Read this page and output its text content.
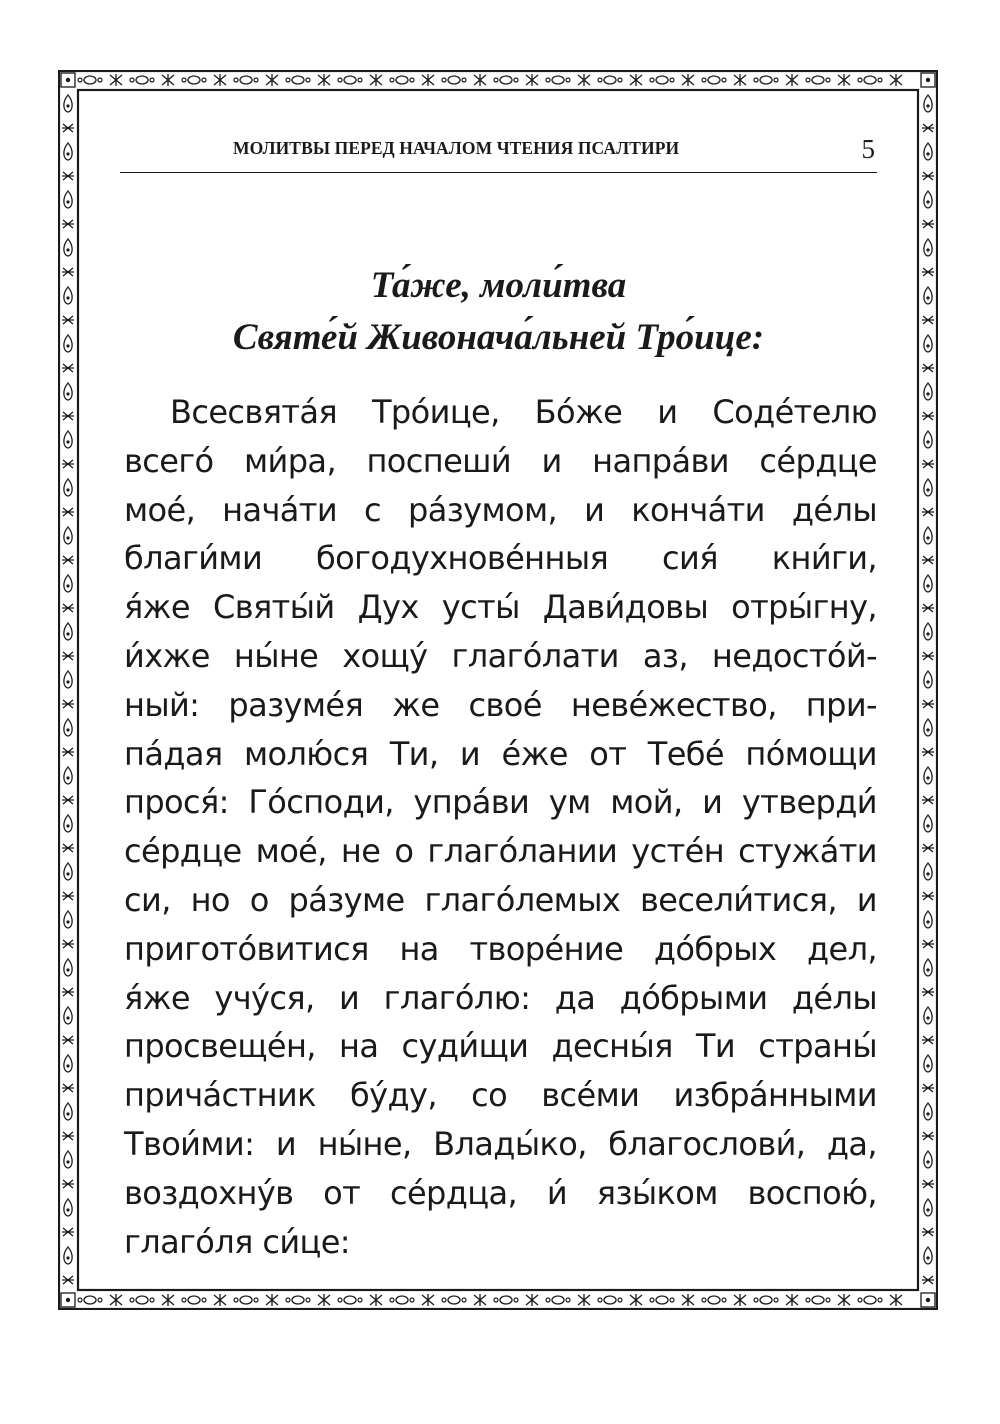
МОЛИТВЫ ПЕРЕД НАЧАЛОМ ЧТЕНИЯ ПСАЛТИРИ	5
Та́же, моли́тва
Святе́й Живонача́льней Тро́ице:
Всесвята́я Тро́ице, Бо́же и Соде́телю
всего́ ми́ра, поспеши́ и напра́ви се́рдце
мое́, нача́ти с ра́зумом, и конча́ти де́лы
благи́ми богодухнове́нныя сия́ кни́ги,
я́же Святы́й Дух усты́ Дави́довы отры́гну,
и́хже ны́не хощу́ глаго́лати аз, недосто́й-
ный: разуме́я же свое́ неве́жество, при-
па́дая молю́ся Ти, и е́же от Тебе́ по́мощи
прося́: Го́споди, упра́ви ум мой, и утверди́
се́рдце мое́, не о глаго́лании усте́н стужа́ти
си, но о ра́зуме глаго́лемых весели́тися, и
пригото́витися на творе́ние до́брых дел,
я́же учу́ся, и глаго́лю: да до́брыми де́лы
просвеще́н, на суди́щи десны́я Ти страны́
прича́стник бу́ду, со все́ми избра́нными
Твои́ми: и ны́не, Влады́ко, благослови́, да,
воздохну́в от се́рдца, и́ язы́ком воспою́,
глаго́ля си́це:
